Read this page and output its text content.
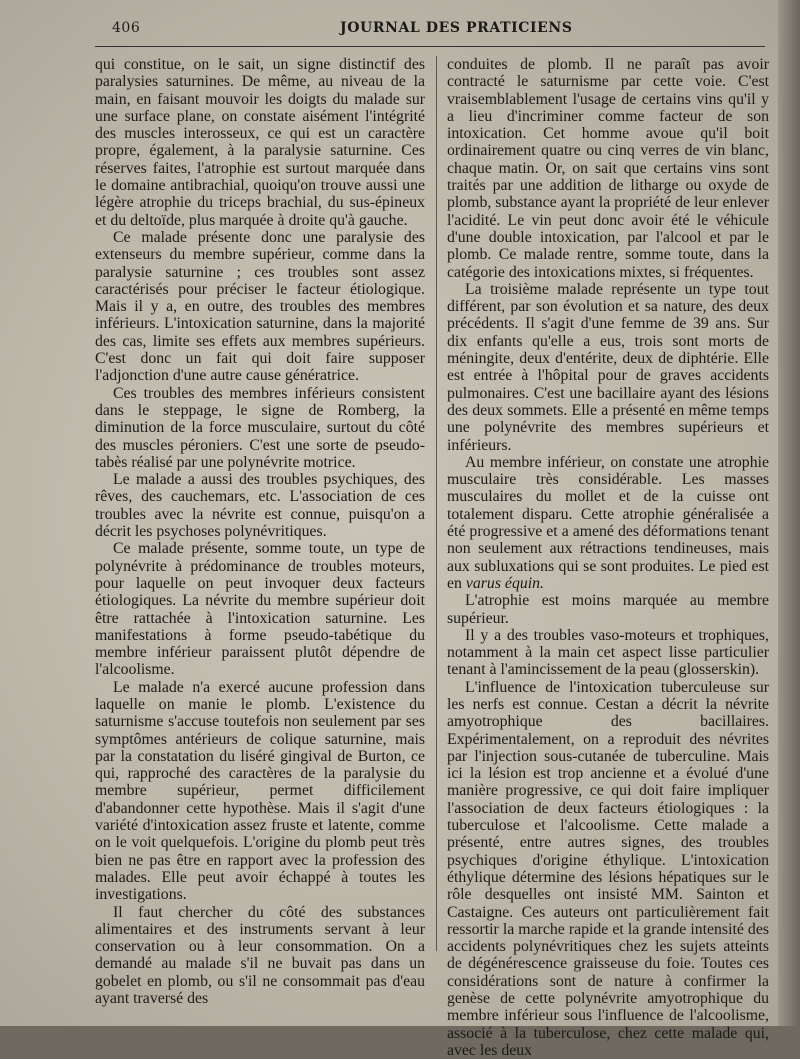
406	JOURNAL DES PRATICIENS

qui constitue, on le sait, un signe distinctif des paralysies saturnines. De même, au niveau de la main, en faisant mouvoir les doigts du malade sur une surface plane, on constate aisément l'intégrité des muscles interosseux, ce qui est un caractère propre, également, à la paralysie saturnine. Ces réserves faites, l'atrophie est surtout marquée dans le domaine antibrachial, quoiqu'on trouve aussi une légère atrophie du triceps brachial, du sus-épineux et du deltoïde, plus marquée à droite qu'à gauche.

Ce malade présente donc une paralysie des extenseurs du membre supérieur, comme dans la paralysie saturnine ; ces troubles sont assez caractérisés pour préciser le facteur étiologique. Mais il y a, en outre, des troubles des membres inférieurs. L'intoxication saturnine, dans la majorité des cas, limite ses effets aux membres supérieurs. C'est donc un fait qui doit faire supposer l'adjonction d'une autre cause génératrice.

Ces troubles des membres inférieurs consistent dans le steppage, le signe de Romberg, la diminution de la force musculaire, surtout du côté des muscles péroniers. C'est une sorte de pseudo-tabès réalisé par une polynévrite motrice.

Le malade a aussi des troubles psychiques, des rêves, des cauchemars, etc. L'association de ces troubles avec la névrite est connue, puisqu'on a décrit les psychoses polynévritiques.

Ce malade présente, somme toute, un type de polynévrite à prédominance de troubles moteurs, pour laquelle on peut invoquer deux facteurs étiologiques. La névrite du membre supérieur doit être rattachée à l'intoxication saturnine. Les manifestations à forme pseudo-tabétique du membre inférieur paraissent plutôt dépendre de l'alcoolisme.

Le malade n'a exercé aucune profession dans laquelle on manie le plomb. L'existence du saturnisme s'accuse toutefois non seulement par ses symptômes antérieurs de colique saturnine, mais par la constatation du liséré gingival de Burton, ce qui, rapproché des caractères de la paralysie du membre supérieur, permet difficilement d'abandonner cette hypothèse. Mais il s'agit d'une variété d'intoxication assez fruste et latente, comme on le voit quelquefois. L'origine du plomb peut très bien ne pas être en rapport avec la profession des malades. Elle peut avoir échappé à toutes les investigations.

Il faut chercher du côté des substances alimentaires et des instruments servant à leur conservation ou à leur consommation. On a demandé au malade s'il ne buvait pas dans un gobelet en plomb, ou s'il ne consommait pas d'eau ayant traversé des

conduites de plomb. Il ne paraît pas avoir contracté le saturnisme par cette voie. C'est vraisemblablement l'usage de certains vins qu'il y a lieu d'incriminer comme facteur de son intoxication. Cet homme avoue qu'il boit ordinairement quatre ou cinq verres de vin blanc, chaque matin. Or, on sait que certains vins sont traités par une addition de litharge ou oxyde de plomb, substance ayant la propriété de leur enlever l'acidité. Le vin peut donc avoir été le véhicule d'une double intoxication, par l'alcool et par le plomb. Ce malade rentre, somme toute, dans la catégorie des intoxications mixtes, si fréquentes.

La troisième malade représente un type tout différent, par son évolution et sa nature, des deux précédents. Il s'agit d'une femme de 39 ans. Sur dix enfants qu'elle a eus, trois sont morts de méningite, deux d'entérite, deux de diphtérie. Elle est entrée à l'hôpital pour de graves accidents pulmonaires. C'est une bacillaire ayant des lésions des deux sommets. Elle a présenté en même temps une polynévrite des membres supérieurs et inférieurs.

Au membre inférieur, on constate une atrophie musculaire très considérable. Les masses musculaires du mollet et de la cuisse ont totalement disparu. Cette atrophie généralisée a été progressive et a amené des déformations tenant non seulement aux rétractions tendineuses, mais aux subluxations qui se sont produites. Le pied est en varus équin.

L'atrophie est moins marquée au membre supérieur.

Il y a des troubles vaso-moteurs et trophiques, notamment à la main cet aspect lisse particulier tenant à l'amincissement de la peau (glosserskin).

L'influence de l'intoxication tuberculeuse sur les nerfs est connue. Cestan a décrit la névrite amyotrophique des bacillaires. Expérimentalement, on a reproduit des névrites par l'injection sous-cutanée de tuberculine. Mais ici la lésion est trop ancienne et a évolué d'une manière progressive, ce qui doit faire impliquer l'association de deux facteurs étiologiques : la tuberculose et l'alcoolisme. Cette malade a présenté, entre autres signes, des troubles psychiques d'origine éthylique. L'intoxication éthylique détermine des lésions hépatiques sur le rôle desquelles ont insisté MM. Sainton et Castaigne. Ces auteurs ont particulièrement fait ressortir la marche rapide et la grande intensité des accidents polynévritiques chez les sujets atteints de dégénérescence graisseuse du foie. Toutes ces considérations sont de nature à confirmer la genèse de cette polynévrite amyotrophique du membre inférieur sous l'influence de l'alcoolisme, associé à la tuberculose, chez cette malade qui, avec les deux
